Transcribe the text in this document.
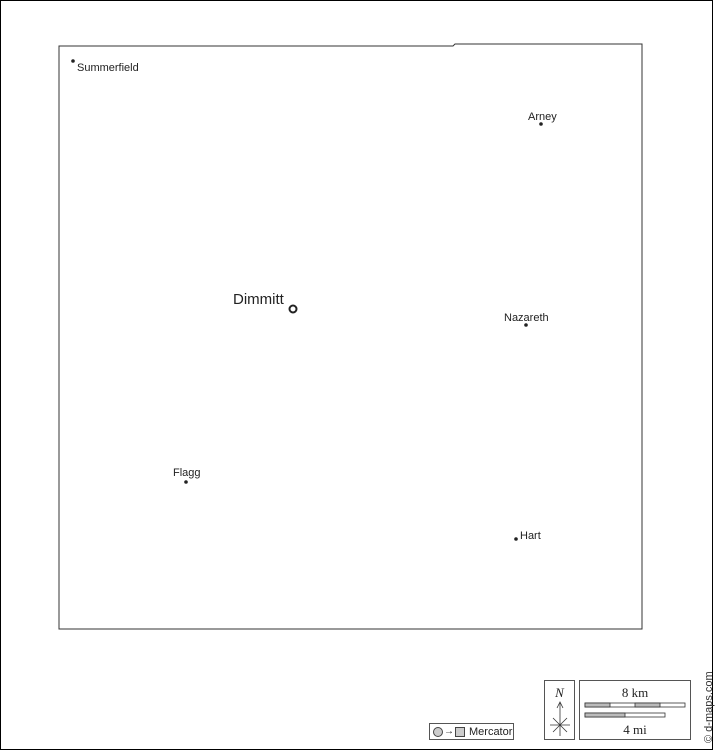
Summerfield
Arney
Dimmitt
Nazareth
Flagg
Hart
→ Mercator
N	8 km
4 mi	© d-maps.com
